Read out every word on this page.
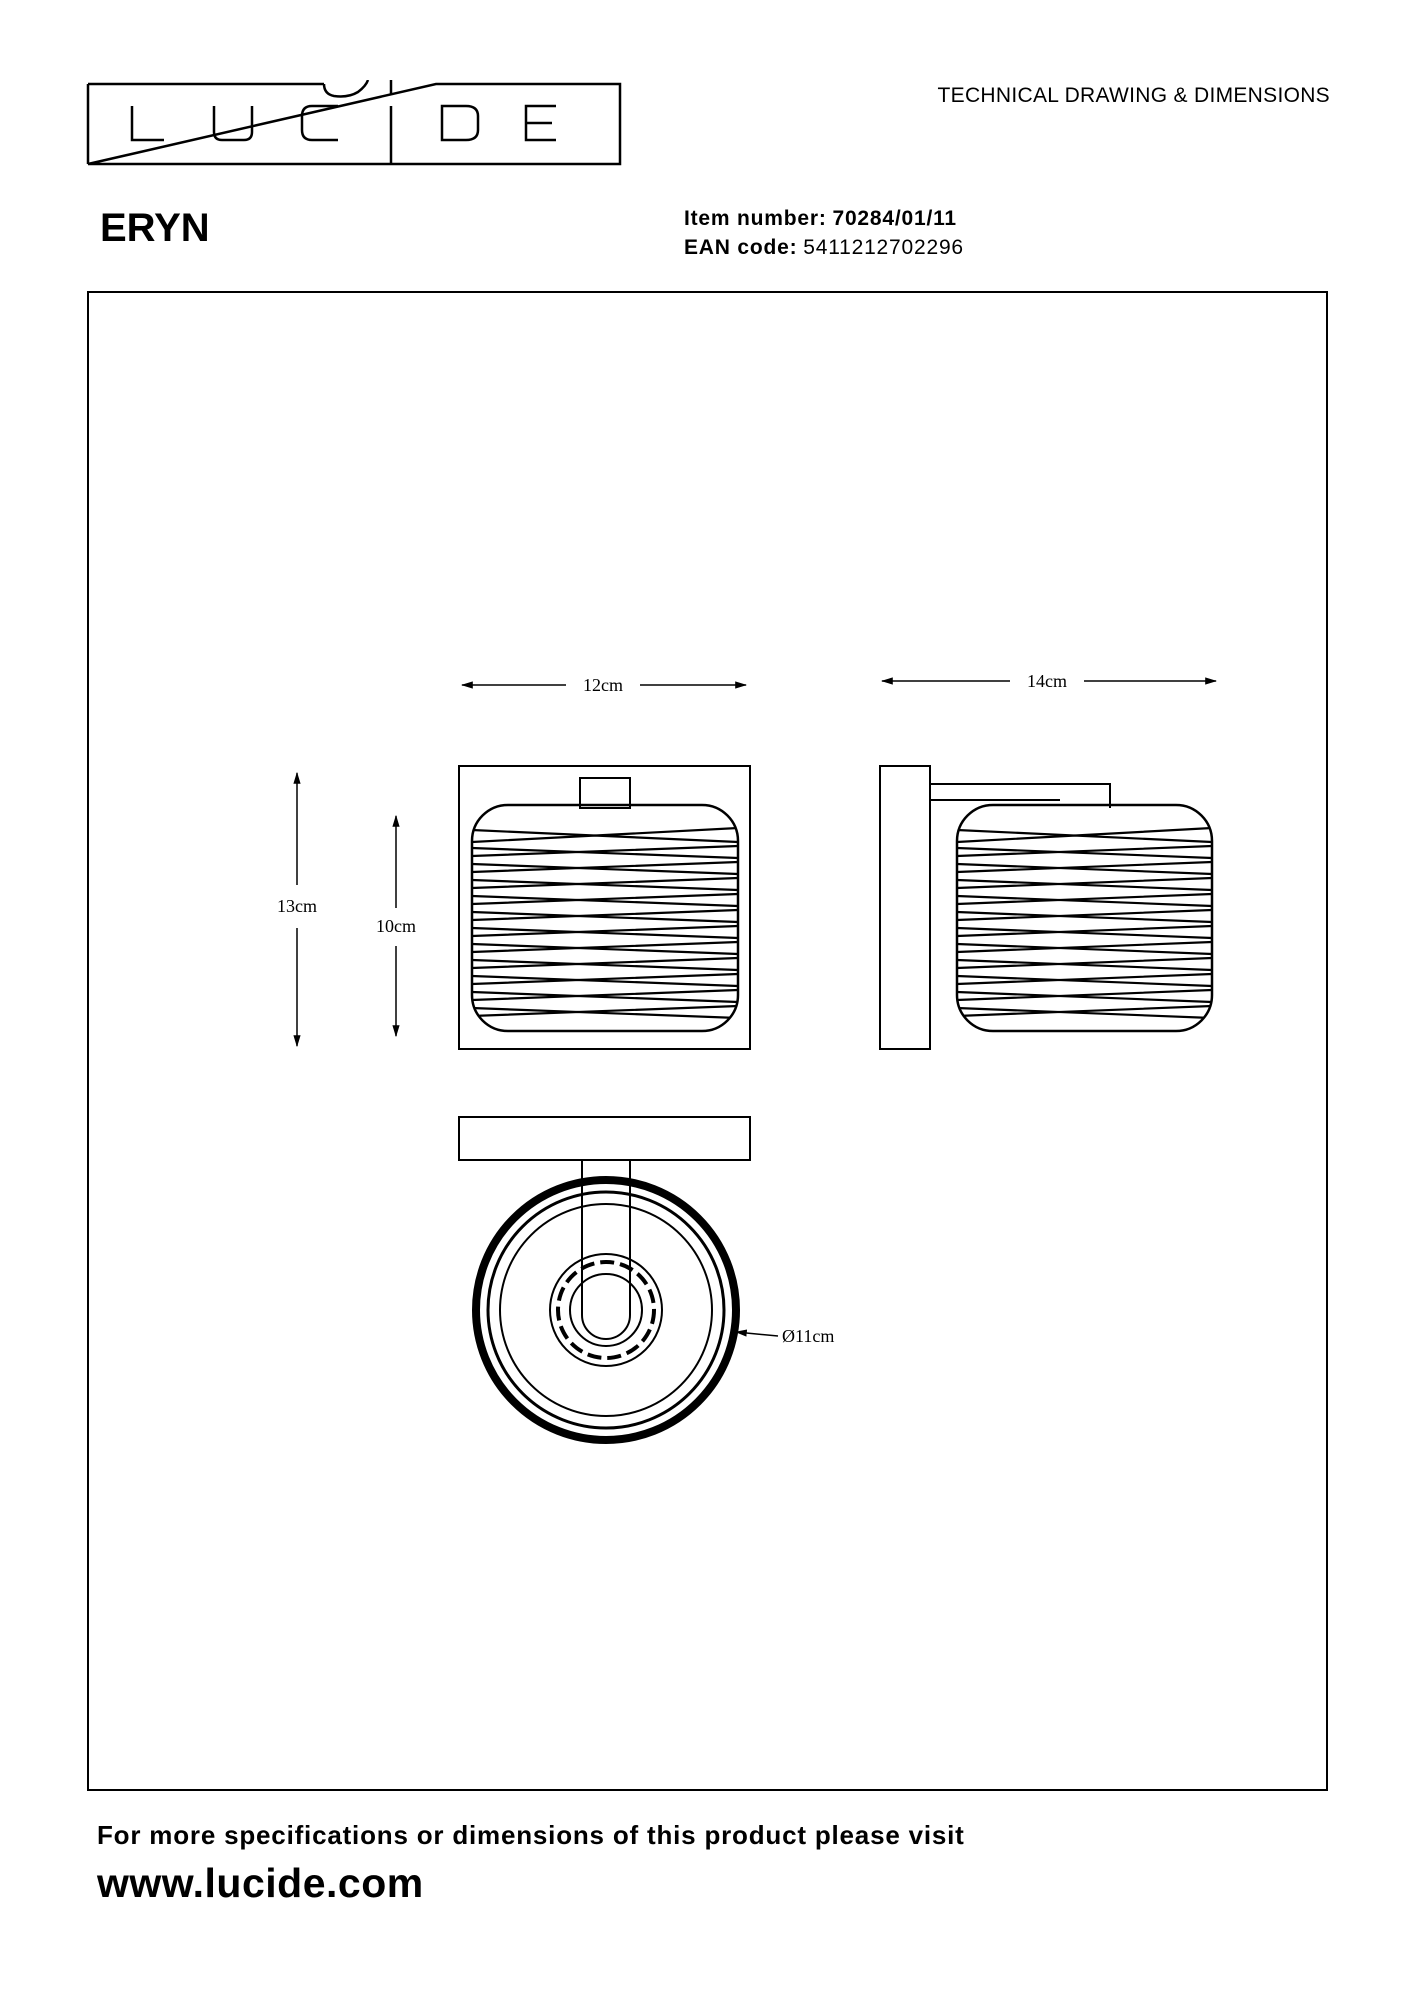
TECHNICAL DRAWING & DIMENSIONS
ERYN	Item number: 70284/01/11
EAN code: 5411212702296
12cm
13cm
10cm
14cm
Ø11cm
For more specifications or dimensions of this product please visit
www.lucide.com
